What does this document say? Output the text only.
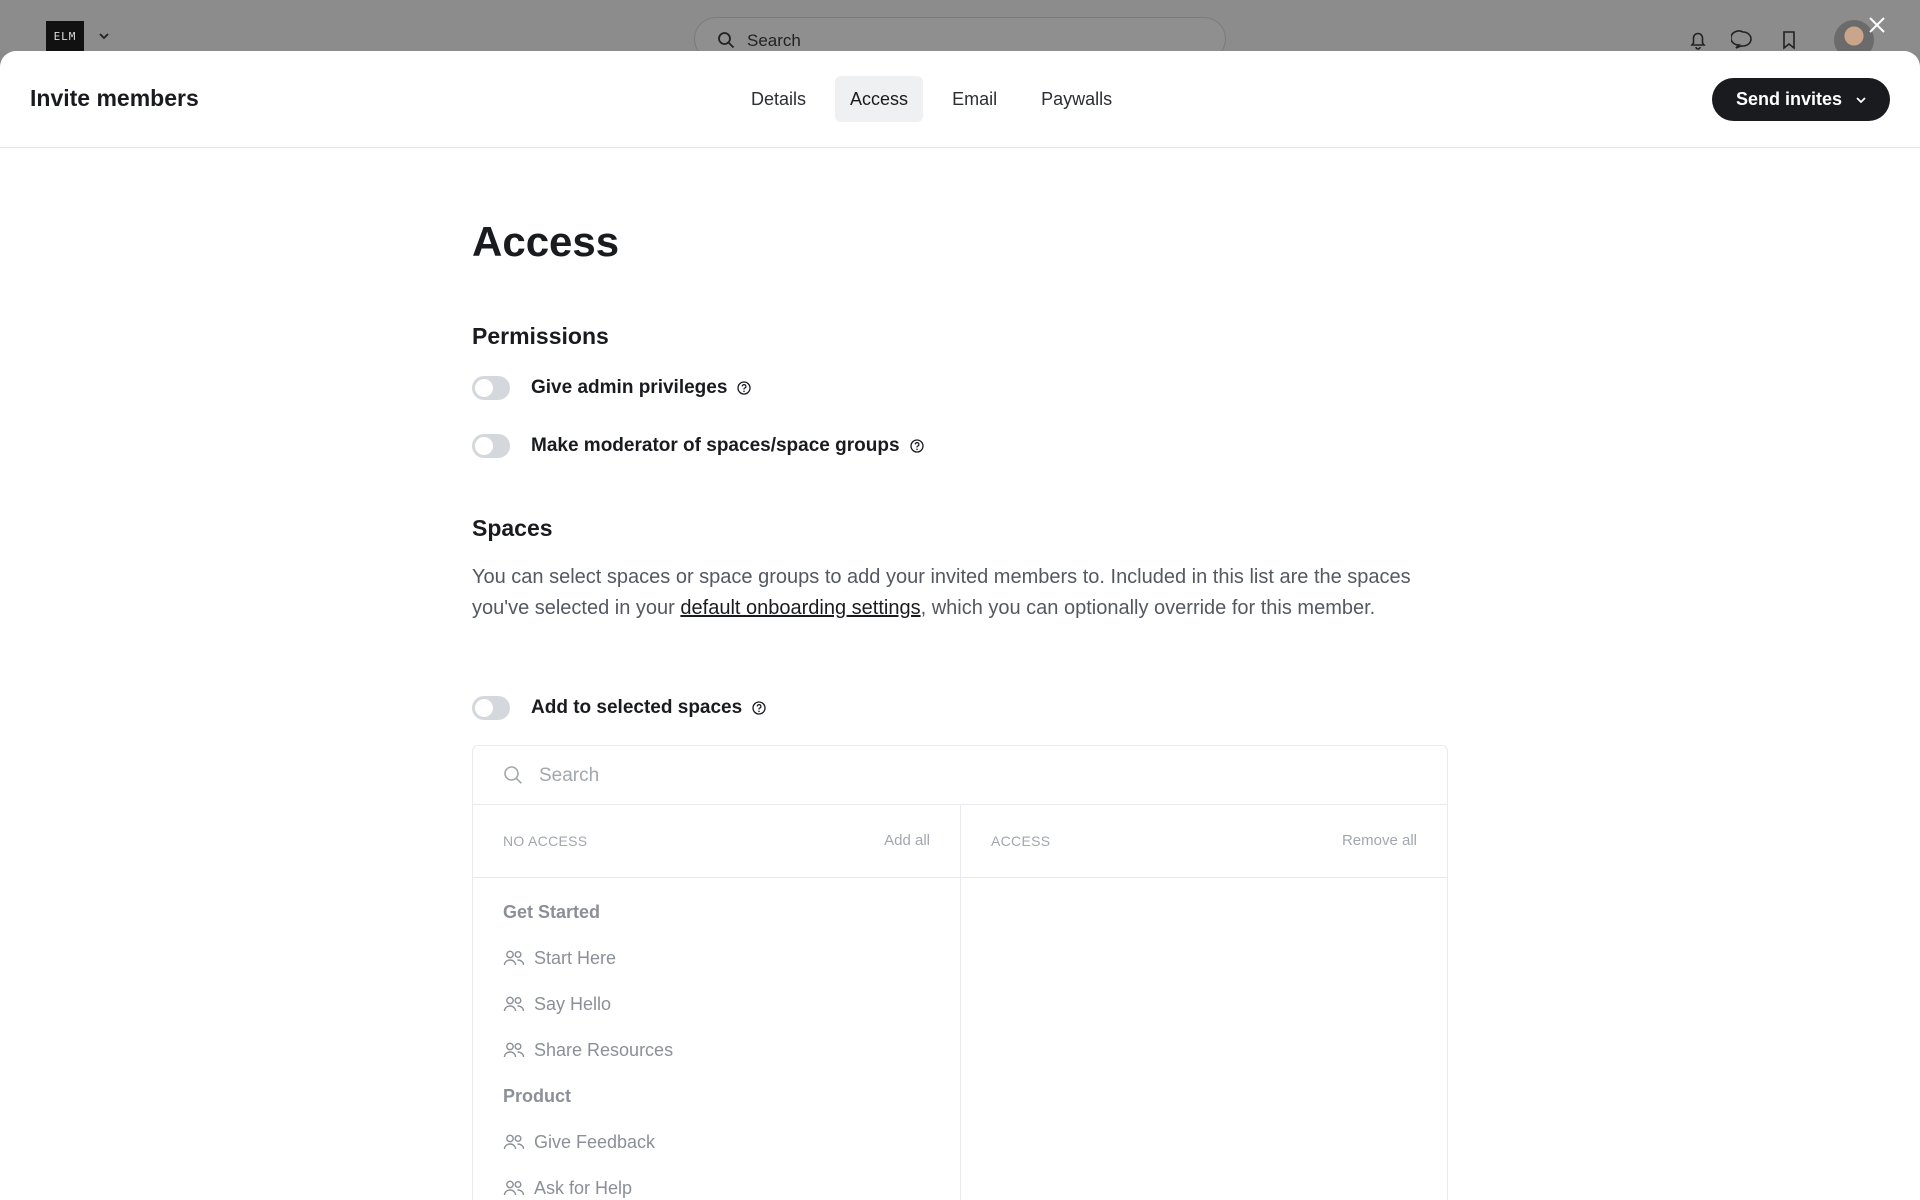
ELM	Search
Invite members	Details	Access	Email	Paywalls	Send invites
Access
Permissions
Give admin privileges
Make moderator of spaces/space groups
Spaces

You can select spaces or space groups to add your invited members to. Included in this list are the spaces you've selected in your default onboarding settings, which you can optionally override for this member.

Add to selected spaces
Search
NO ACCESS	Add all
Get Started
Start Here
Say Hello
Share Resources
Product
Give Feedback
Ask for Help
ACCESS	Remove all
